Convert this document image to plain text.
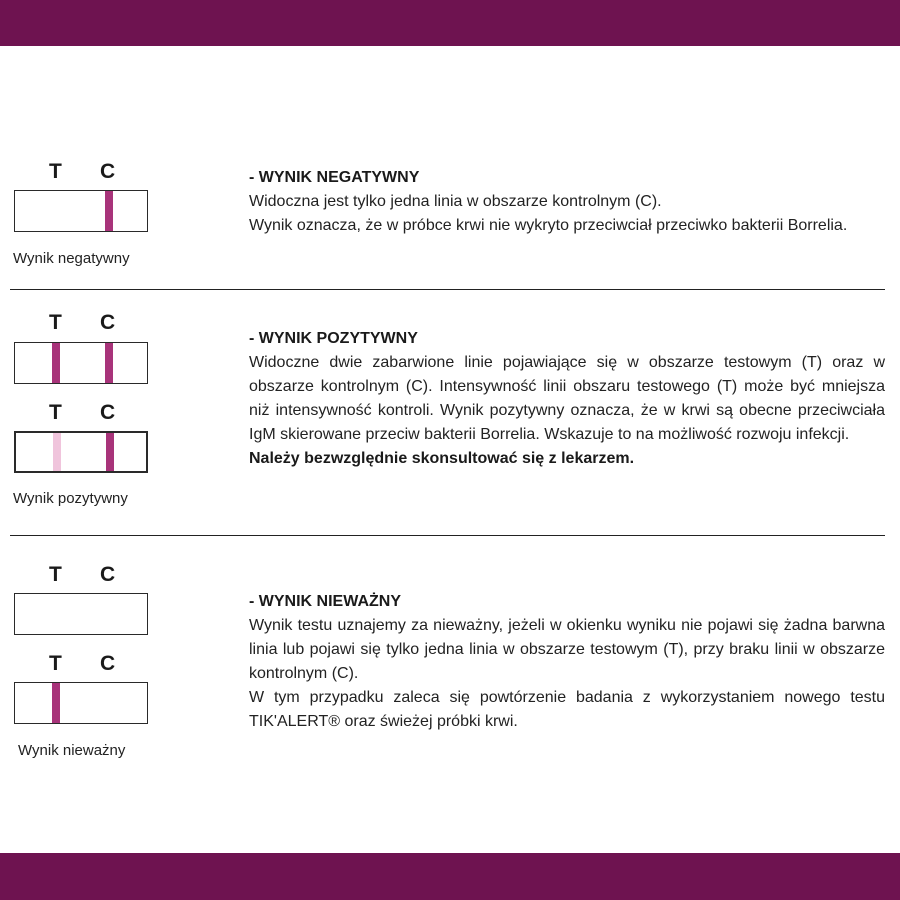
T C
Wynik negatywny
- WYNIK NEGATYWNY

Widoczna jest tylko jedna linia w obszarze kontrolnym (C).

Wynik oznacza, że w próbce krwi nie wykryto przeciwciał przeciwko bakterii Borrelia.

T C
T C
Wynik pozytywny
- WYNIK POZYTYWNY

Widoczne dwie zabarwione linie pojawiające się w obszarze testowym (T) oraz w obszarze kontrolnym (C). Intensywność linii obszaru testowego (T) może być mniejsza niż intensywność kontroli. Wynik pozytywny oznacza, że w krwi są obecne przeciwciała IgM skierowane przeciw bakterii Borrelia. Wskazuje to na możliwość rozwoju infekcji.

Należy bezwzględnie skonsultować się z lekarzem.

T C
T C
Wynik nieważny
- WYNIK NIEWAŻNY

Wynik testu uznajemy za nieważny, jeżeli w okienku wyniku nie pojawi się żadna barwna linia lub pojawi się tylko jedna linia w obszarze testowym (T), przy braku linii w obszarze kontrolnym (C).

W tym przypadku zaleca się powtórzenie badania z wykorzystaniem nowego testu TIK'ALERT® oraz świeżej próbki krwi.
